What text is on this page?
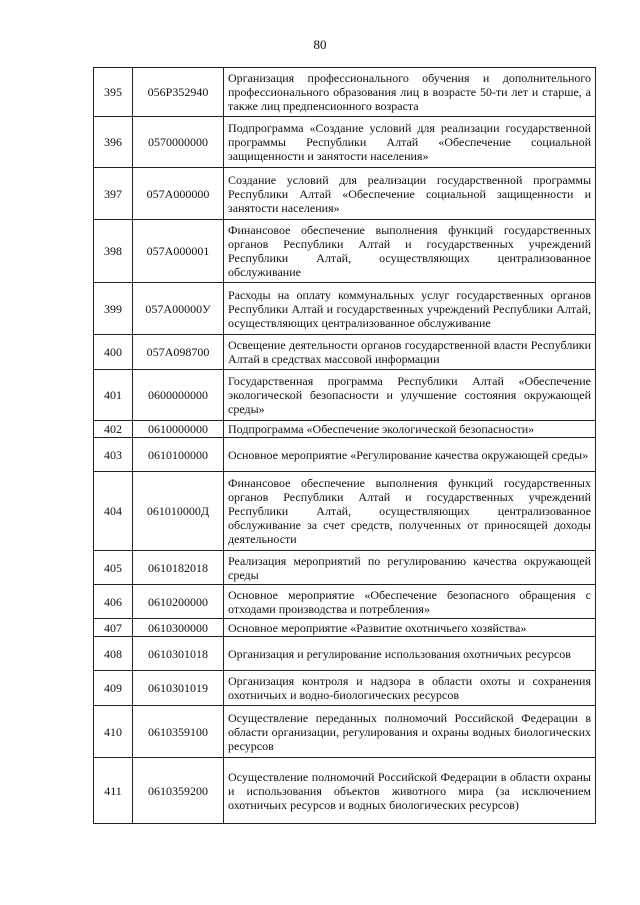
80
395	056Р352940	Организация профессионального обучения и дополнительного профессионального образования лиц в возрасте 50-ти лет и старше, а также лиц предпенсионного возраста
396	0570000000	Подпрограмма «Создание условий для реализации государственной программы Республики Алтай «Обеспечение социальной защищенности и занятости населения»
397	057А000000	Создание условий для реализации государственной программы Республики Алтай «Обеспечение социальной защищенности и занятости населения»
398	057А000001	Финансовое обеспечение выполнения функций государственных органов Республики Алтай и государственных учреждений Республики Алтай, осуществляющих централизованное обслуживание
399	057А00000У	Расходы на оплату коммунальных услуг государственных органов Республики Алтай и государственных учреждений Республики Алтай, осуществляющих централизованное обслуживание
400	057А098700	Освещение деятельности органов государственной власти Республики Алтай в средствах массовой информации
401	0600000000	Государственная программа Республики Алтай «Обеспечение экологической безопасности и улучшение состояния окружающей среды»
402	0610000000	Подпрограмма «Обеспечение экологической безопасности»
403	0610100000	Основное мероприятие «Регулирование качества окружающей среды»
404	061010000Д	Финансовое обеспечение выполнения функций государственных органов Республики Алтай и государственных учреждений Республики Алтай, осуществляющих централизованное обслуживание за счет средств, полученных от приносящей доходы деятельности
405	0610182018	Реализация мероприятий по регулированию качества окружающей среды
406	0610200000	Основное мероприятие «Обеспечение безопасного обращения с отходами производства и потребления»
407	0610300000	Основное мероприятие «Развитие охотничьего хозяйства»
408	0610301018	Организация и регулирование использования охотничьих ресурсов
409	0610301019	Организация контроля и надзора в области охоты и сохранения охотничьих и водно-биологических ресурсов
410	0610359100	Осуществление переданных полномочий Российской Федерации в области организации, регулирования и охраны водных биологических ресурсов
411	0610359200	Осуществление полномочий Российской Федерации в области охраны и использования объектов животного мира (за исключением охотничьих ресурсов и водных биологических ресурсов)
